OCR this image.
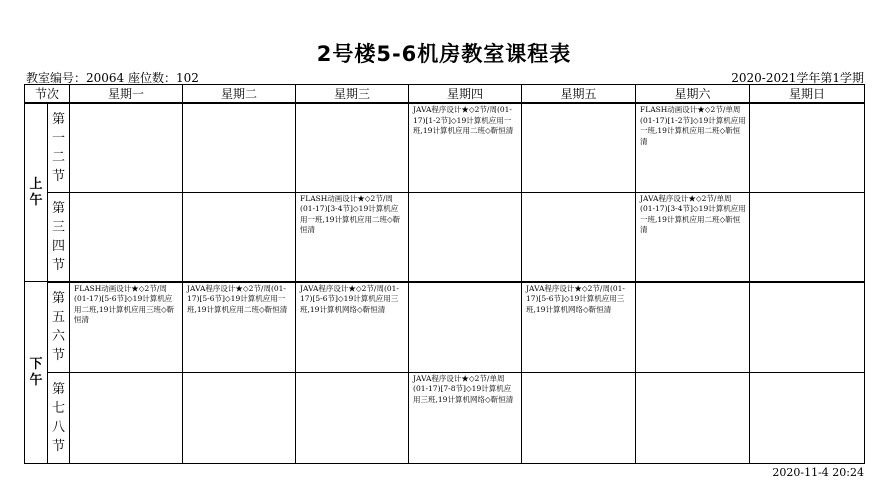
2号楼5-6机房教室课程表
教室编号：20064 座位数：102	2020-2021学年第1学期
节次		星期一	星期二	星期三	星期四	星期五	星期六	星期日

上
午	第
一
二
节				JAVA程序设计★◇2节/周(01-17)[1-2节]◇19计算机应用一班,19计算机应用二班◇靳恒清		FLASH动画设计★◇2节/单周(01-17)[1-2节]◇19计算机应用一班,19计算机应用二班◇靳恒清	

	第
三
四
节			FLASH动画设计★◇2节/周(01-17)[3-4节]◇19计算机应用一班,19计算机应用二班◇靳恒清			JAVA程序设计★◇2节/单周(01-17)[3-4节]◇19计算机应用一班,19计算机应用二班◇靳恒清	

下
午	第
五
六
节	FLASH动画设计★◇2节/周(01-17)[5-6节]◇19计算机应用二班,19计算机应用三班◇靳恒清	JAVA程序设计★◇2节/周(01-17)[5-6节]◇19计算机应用一班,19计算机应用二班◇靳恒清	JAVA程序设计★◇2节/周(01-17)[5-6节]◇19计算机应用三班,19计算机网络◇靳恒清		JAVA程序设计★◇2节/周(01-17)[5-6节]◇19计算机应用三班,19计算机网络◇靳恒清		

	第
七
八
节				JAVA程序设计★◇2节/单周(01-17)[7-8节]◇19计算机应用三班,19计算机网络◇靳恒清			

2020-11-4 20:24
